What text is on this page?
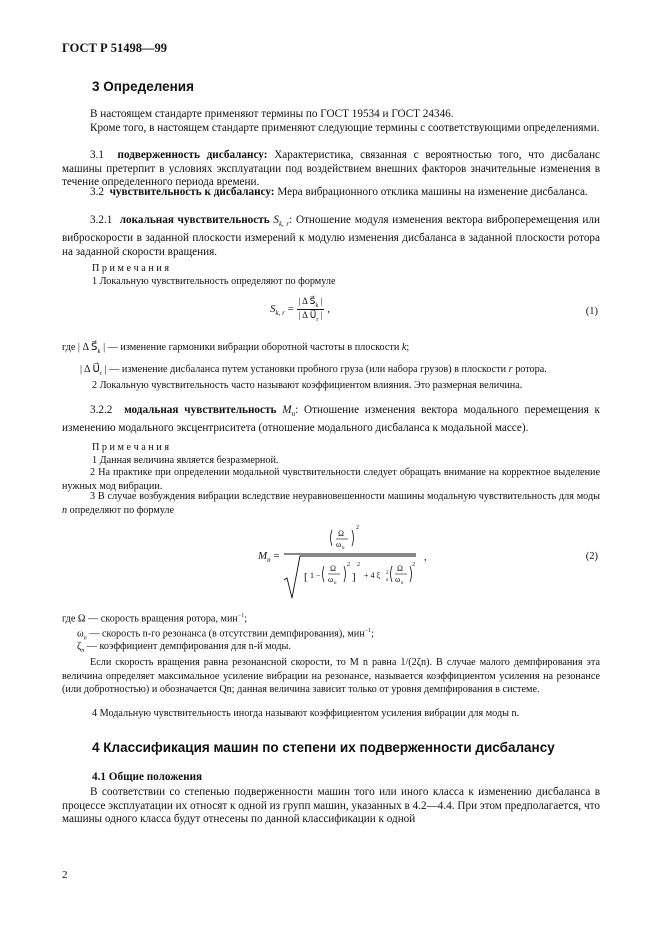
ГОСТ Р 51498—99
3 Определения
В настоящем стандарте применяют термины по ГОСТ 19534 и ГОСТ 24346.
Кроме того, в настоящем стандарте применяют следующие термины с соответствующими определениями.
3.1 подверженность дисбалансу: Характеристика, связанная с вероятностью того, что дисбаланс машины претерпит в условиях эксплуатации под воздействием внешних факторов значительные изменения в течение определенного периода времени.
3.2 чувствительность к дисбалансу: Мера вибрационного отклика машины на изменение дисбаланса.
3.2.1 локальная чувствительность $S_{k, r}$: Отношение модуля изменения вектора виброперемещения или виброскорости в заданной плоскости измерений к модулю изменения дисбаланса в заданной плоскости ротора на заданной скорости вращения.
П р и м е ч а н и я
1 Локальную чувствительность определяют по формуле
$S_{k, r} = \frac{| \Delta S⃗_k |}{| \Delta U⃗_r |}$ ,	(1)
где | Δ $S⃗_k$ | — изменение гармоники вибрации оборотной частоты в плоскости k;
| Δ $U⃗_r$ | — изменение дисбаланса путем установки пробного груза (или набора грузов) в плоскости r ротора.
2 Локальную чувствительность часто называют коэффициентом влияния. Это размерная величина.
3.2.2 модальная чувствительность $M_n$: Отношение изменения вектора модального перемещения к изменению модального эксцентриситета (отношение модального дисбаланса к модальной массе).
П р и м е ч а н и я
1 Данная величина является безразмерной.
2 На практике при определении модальной чувствительности следует обращать внимание на корректное выделение нужных мод вибрации.
3 В случае возбуждения вибрации вследствие неуравновешенности машины модальную чувствительность для моды n определяют по формуле
$M_n$ =
Ω
ω n
2
[ 1 −
Ω
ω n
2
]
2
+ 4 ξ 2
n
Ω
ω n
2
,	(2)
где Ω — скорость вращения ротора, мин$^{-1}$;
$\omega_n$ — скорость n-го резонанса (в отсутствии демпфирования), мин$^{-1}$;
$\zeta_n$ — коэффициент демпфирования для n-й моды.
Если скорость вращения равна резонансной скорости, то M n равна 1/(2ζn). В случае малого демпфирования эта величина определяет максимальное усиление вибрации на резонансе, называется коэффициентом усиления на резонансе (или добротностью) и обозначается Qn; данная величина зависит только от уровня демпфирования в системе.
4 Модальную чувствительность иногда называют коэффициентом усиления вибрации для моды n.
4 Классификация машин по степени их подверженности дисбалансу
4.1 Общие положения
В соответствии со степенью подверженности машин того или иного класса к изменению дисбаланса в процессе эксплуатации их относят к одной из групп машин, указанных в 4.2—4.4. При этом предполагается, что машины одного класса будут отнесены по данной классификации к одной
2
